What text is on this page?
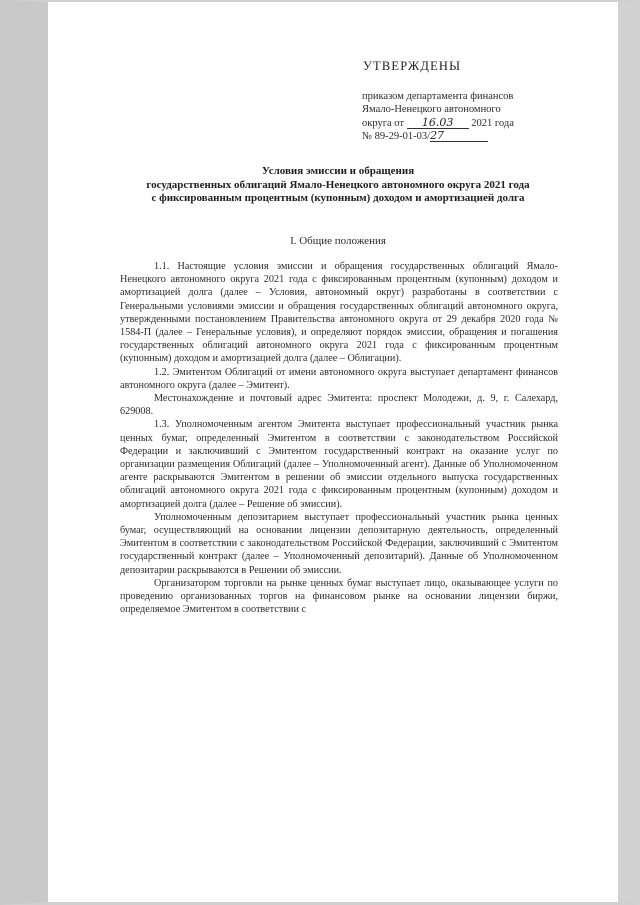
УТВЕРЖДЕНЫ
приказом департамента финансов
Ямало-Ненецкого автономного
округа от 16.03 2021 года
№ 89-29-01-03/27
Условия эмиссии и обращения
государственных облигаций Ямало-Ненецкого автономного округа 2021 года
с фиксированным процентным (купонным) доходом и амортизацией долга
I. Общие положения

1.1. Настоящие условия эмиссии и обращения государственных облигаций Ямало-Ненецкого автономного округа 2021 года с фиксированным процентным (купонным) доходом и амортизацией долга (далее – Условия, автономный округ) разработаны в соответствии с Генеральными условиями эмиссии и обращения государственных облигаций автономного округа, утвержденными постановлением Правительства автономного округа от 29 декабря 2020 года № 1584-П (далее – Генеральные условия), и определяют порядок эмиссии, обращения и погашения государственных облигаций автономного округа 2021 года с фиксированным процентным (купонным) доходом и амортизацией долга (далее – Облигации).

1.2. Эмитентом Облигаций от имени автономного округа выступает департамент финансов автономного округа (далее – Эмитент).

Местонахождение и почтовый адрес Эмитента: проспект Молодежи, д. 9, г. Салехард, 629008.

1.3. Уполномоченным агентом Эмитента выступает профессиональный участник рынка ценных бумаг, определенный Эмитентом в соответствии с законодательством Российской Федерации и заключивший с Эмитентом государственный контракт на оказание услуг по организации размещения Облигаций (далее – Уполномоченный агент). Данные об Уполномоченном агенте раскрываются Эмитентом в решении об эмиссии отдельного выпуска государственных облигаций автономного округа 2021 года с фиксированным процентным (купонным) доходом и амортизацией долга (далее – Решение об эмиссии).

Уполномоченным депозитарием выступает профессиональный участник рынка ценных бумаг, осуществляющий на основании лицензии депозитарную деятельность, определенный Эмитентом в соответствии с законодательством Российской Федерации, заключивший с Эмитентом государственный контракт (далее – Уполномоченный депозитарий). Данные об Уполномоченном депозитарии раскрываются в Решении об эмиссии.

Организатором торговли на рынке ценных бумаг выступает лицо, оказывающее услуги по проведению организованных торгов на финансовом рынке на основании лицензии биржи, определяемое Эмитентом в соответствии с
